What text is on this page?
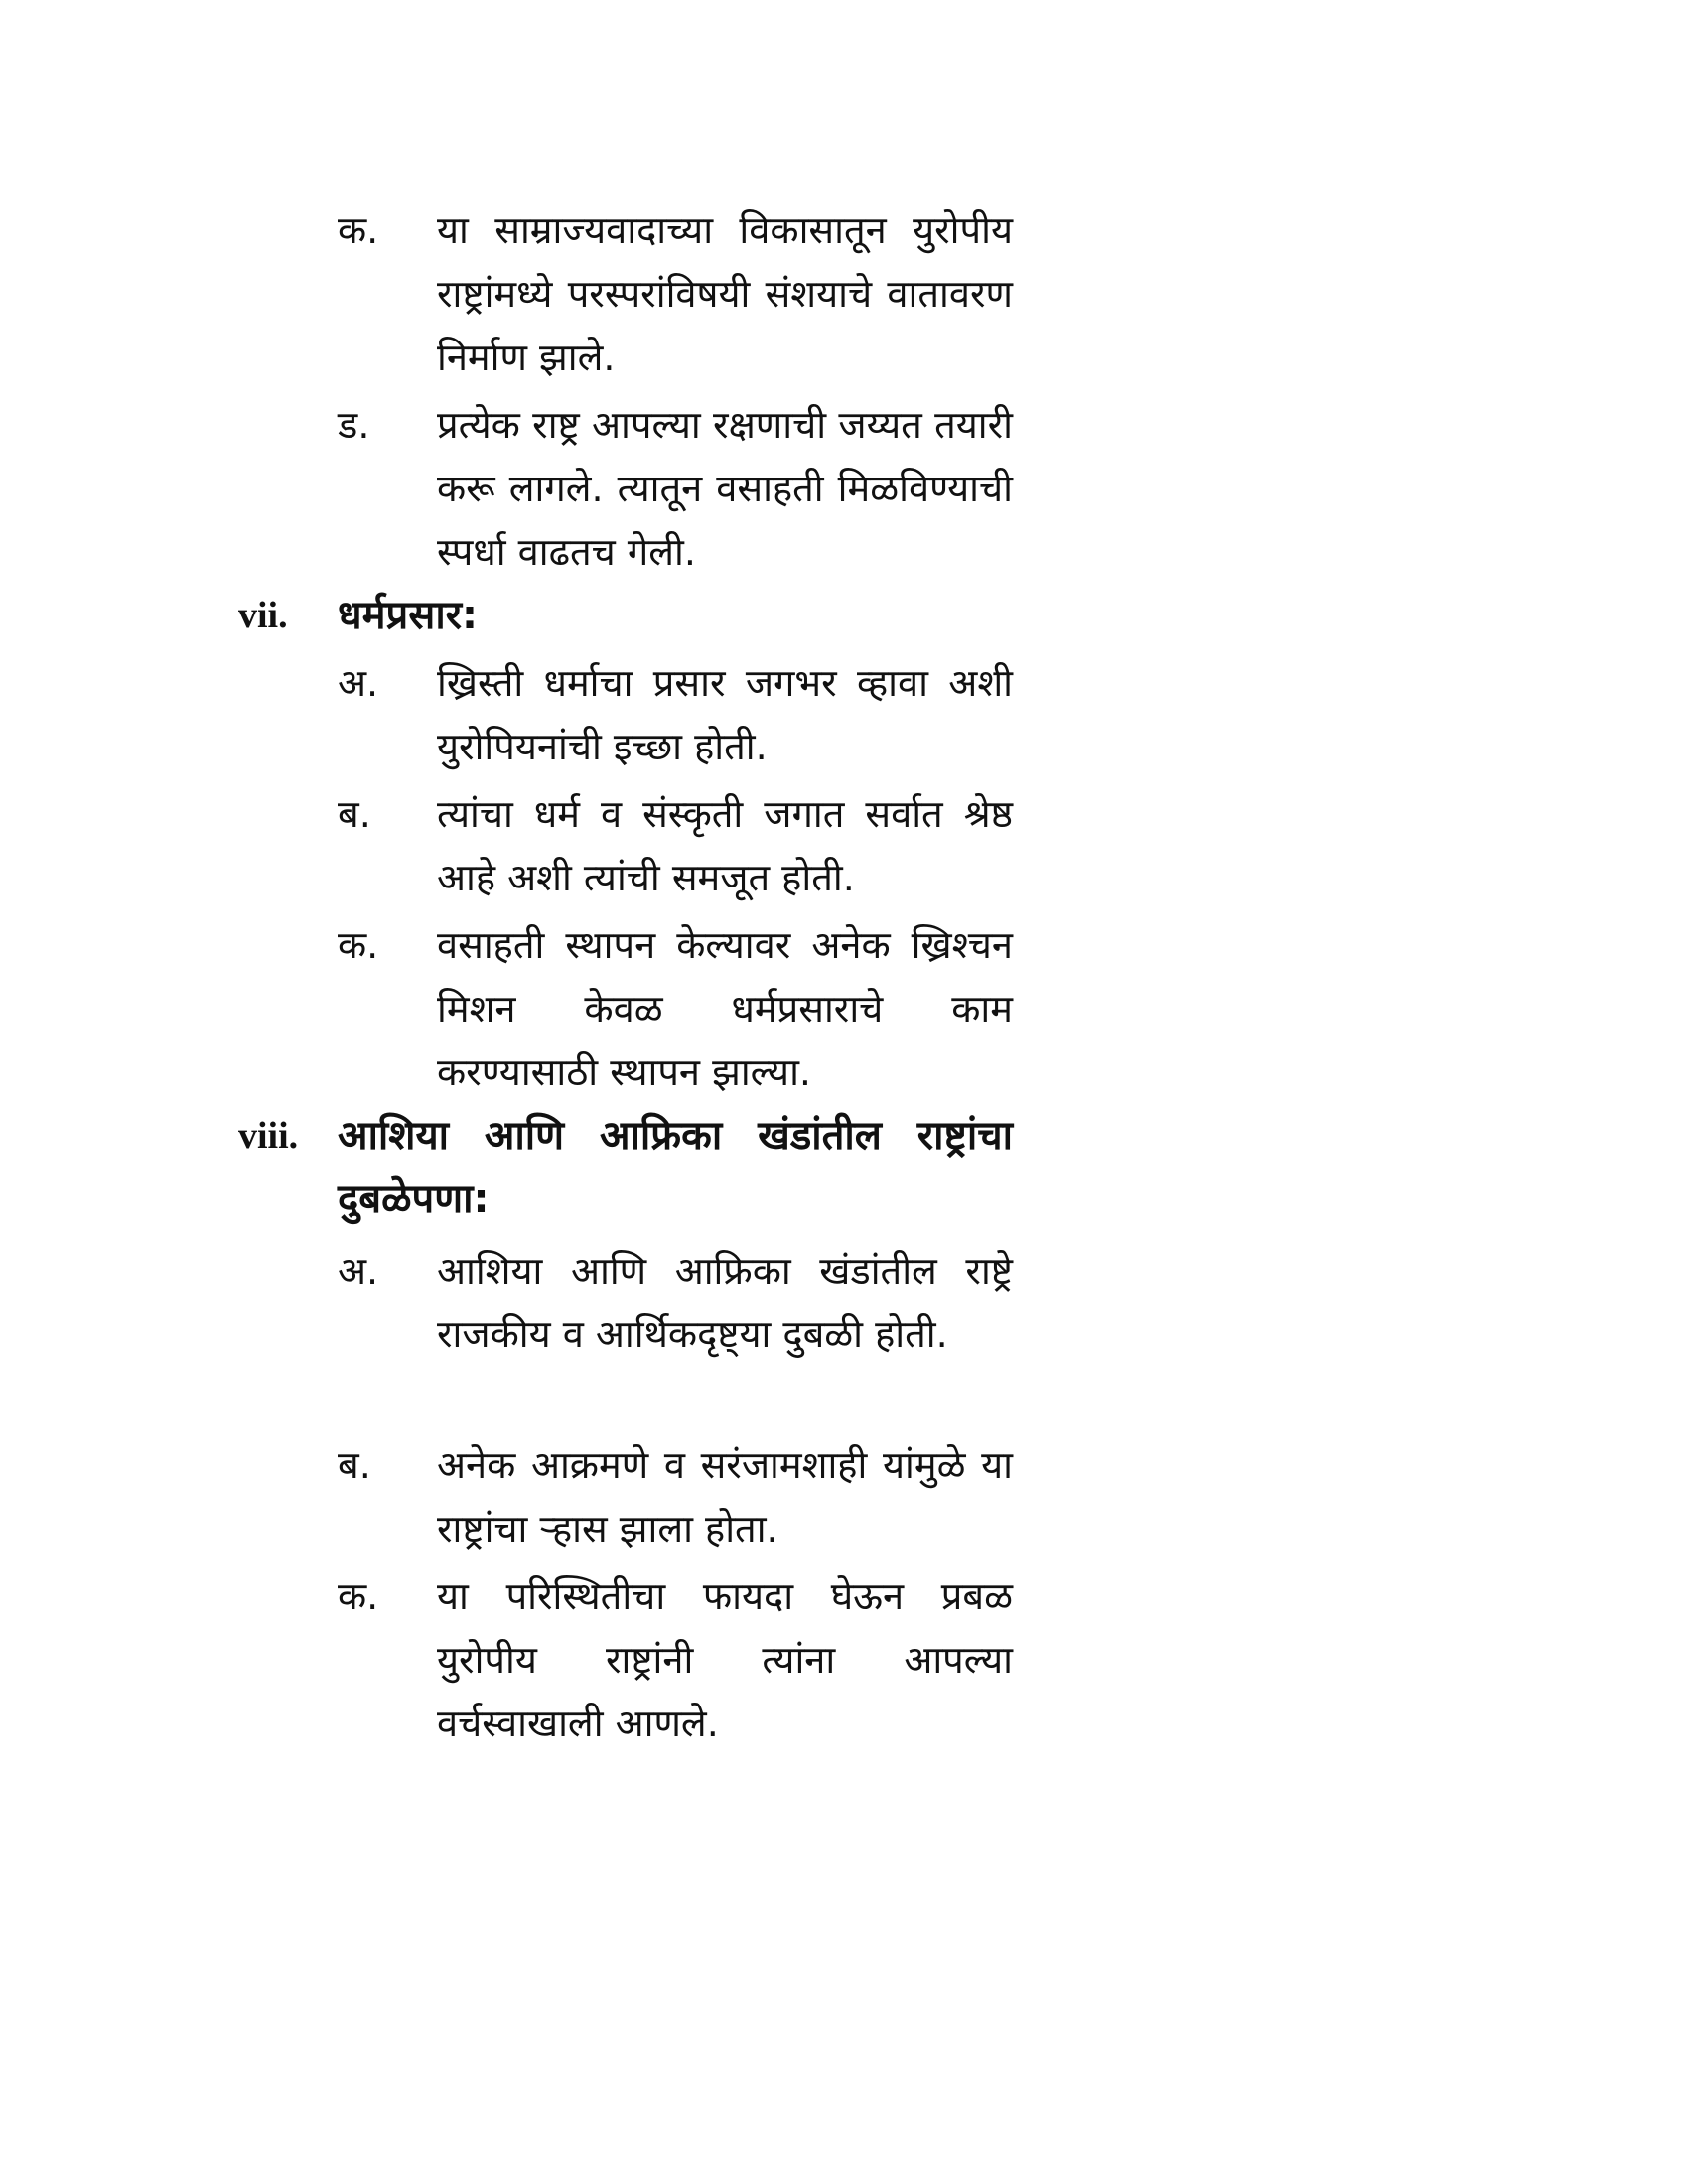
क. या साम्राज्यवादाच्या विकासातून युरोपीय राष्ट्रांमध्ये परस्परांविषयी संशयाचे वातावरण निर्माण झाले.
ड. प्रत्येक राष्ट्र आपल्या रक्षणाची जय्यत तयारी करू लागले. त्यातून वसाहती मिळविण्याची स्पर्धा वाढतच गेली.
vii. धर्मप्रसार:
अ. ख्रिस्ती धर्माचा प्रसार जगभर व्हावा अशी युरोपियनांची इच्छा होती.
ब. त्यांचा धर्म व संस्कृती जगात सर्वात श्रेष्ठ आहे अशी त्यांची समजूत होती.
क. वसाहती स्थापन केल्यावर अनेक ख्रिश्चन मिशन केवळ धर्मप्रसाराचे काम करण्यासाठी स्थापन झाल्या.
viii. आशिया आणि आफ्रिका खंडांतील राष्ट्रांचा दुबळेपणा:
अ. आशिया आणि आफ्रिका खंडांतील राष्ट्रे राजकीय व आर्थिकदृष्ट्या दुबळी होती.
ब. अनेक आक्रमणे व सरंजामशाही यांमुळे या राष्ट्रांचा ऱ्हास झाला होता.
क. या परिस्थितीचा फायदा घेऊन प्रबळ युरोपीय राष्ट्रांनी त्यांना आपल्या वर्चस्वाखाली आणले.
